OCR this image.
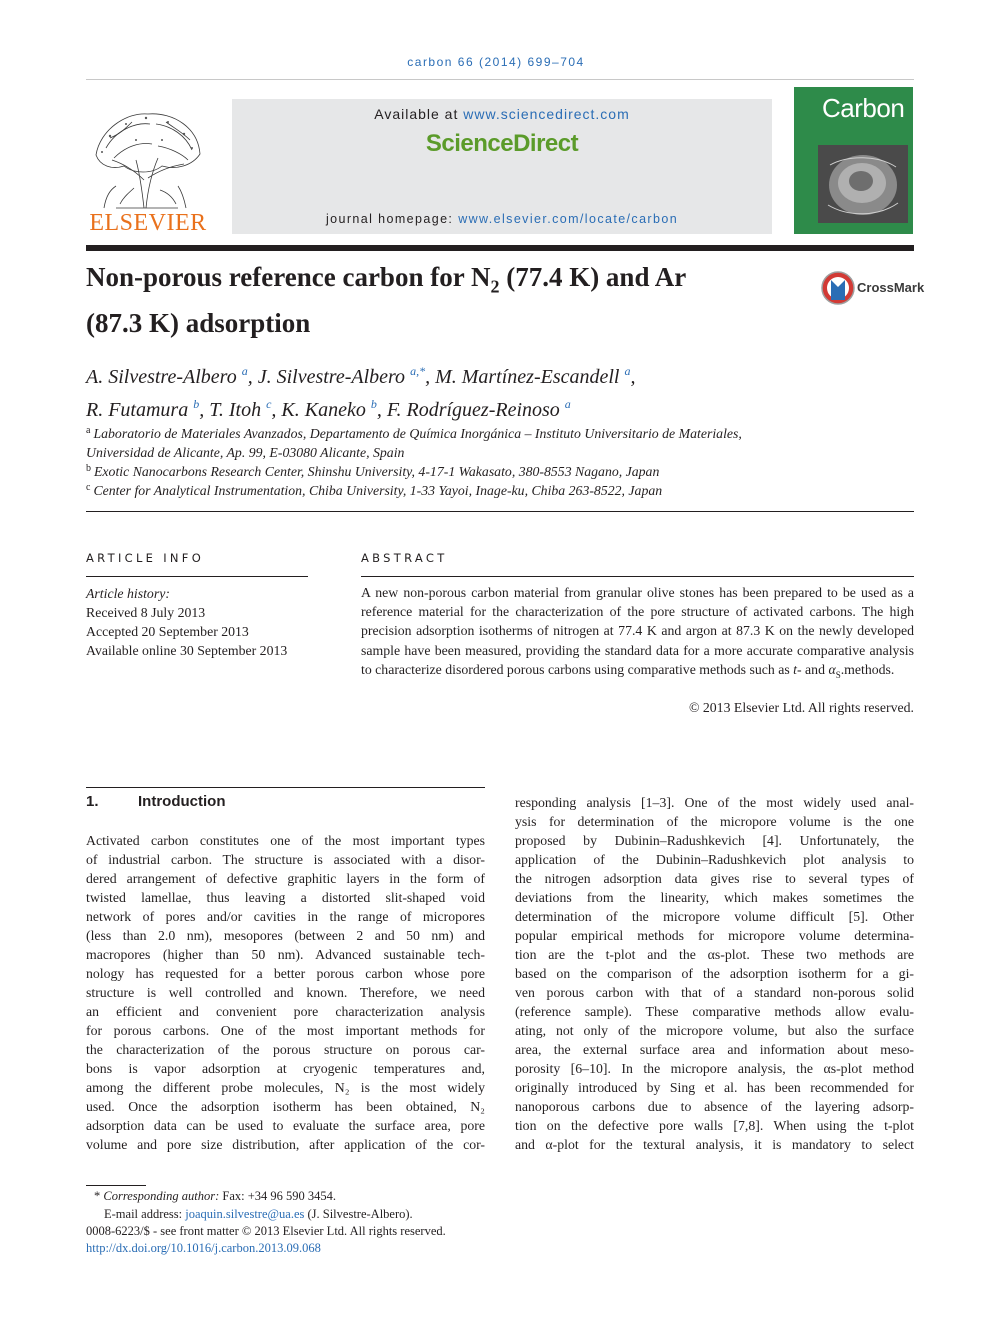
carbon 66 (2014) 699–704
ELSEVIER
Available at www.sciencedirect.com
ScienceDirect
journal homepage: www.elsevier.com/locate/carbon
Carbon
Non-porous reference carbon for $N_2$ (77.4 K) and Ar
(87.3 K) adsorption
CrossMark
A. Silvestre-Albero $^a$, J. Silvestre-Albero $^{a,*}$, M. Martínez-Escandell $^a$,
R. Futamura $^b$, T. Itoh $^c$, K. Kaneko $^b$, F. Rodríguez-Reinoso $^a$
$^a$ Laboratorio de Materiales Avanzados, Departamento de Química Inorgánica – Instituto Universitario de Materiales,
Universidad de Alicante, Ap. 99, E-03080 Alicante, Spain
$^b$ Exotic Nanocarbons Research Center, Shinshu University, 4-17-1 Wakasato, 380-8553 Nagano, Japan
$^c$ Center for Analytical Instrumentation, Chiba University, 1-33 Yayoi, Inage-ku, Chiba 263-8522, Japan
ARTICLE INFO
Article history:
Received 8 July 2013
Accepted 20 September 2013
Available online 30 September 2013
ABSTRACT
A new non-porous carbon material from granular olive stones has been prepared to be used as a reference material for the characterization of the pore structure of activated carbons. The high precision adsorption isotherms of nitrogen at 77.4 K and argon at 87.3 K on the newly developed sample have been measured, providing the standard data for a more accurate comparative analysis to characterize disordered porous carbons using comparative methods such as t- and $\alpha_S.methods$.
© 2013 Elsevier Ltd. All rights reserved.
1.	Introduction
Activated carbon constitutes one of the most important types
of industrial carbon. The structure is associated with a disor-
dered arrangement of defective graphitic layers in the form of
twisted lamellae, thus leaving a distorted slit-shaped void
network of pores and/or cavities in the range of micropores
(less than 2.0 nm), mesopores (between 2 and 50 nm) and
macropores (higher than 50 nm). Advanced sustainable tech-
nology has requested for a better porous carbon whose pore
structure is well controlled and known. Therefore, we need
an efficient and convenient pore characterization analysis
for porous carbons. One of the most important methods for
the characterization of the porous structure on porous car-
bons is vapor adsorption at cryogenic temperatures and,
among the different probe molecules, N₂ is the most widely
used. Once the adsorption isotherm has been obtained, N₂
adsorption data can be used to evaluate the surface area, pore
volume and pore size distribution, after application of the cor-
responding analysis [1–3]. One of the most widely used anal-
ysis for determination of the micropore volume is the one
proposed by Dubinin–Radushkevich [4]. Unfortunately, the
application of the Dubinin–Radushkevich plot analysis to
the nitrogen adsorption data gives rise to several types of
deviations from the linearity, which makes sometimes the
determination of the micropore volume difficult [5]. Other
popular empirical methods for micropore volume determina-
tion are the t-plot and the αs-plot. These two methods are
based on the comparison of the adsorption isotherm for a gi-
ven porous carbon with that of a standard non-porous solid
(reference sample). These comparative methods allow evalu-
ating, not only of the micropore volume, but also the surface
area, the external surface area and information about meso-
porosity [6–10]. In the micropore analysis, the αs-plot method
originally introduced by Sing et al. has been recommended for
nanoporous carbons due to absence of the layering adsorp-
tion on the defective pore walls [7,8]. When using the t-plot
and α-plot for the textural analysis, it is mandatory to select
* Corresponding author: Fax: +34 96 590 3454.
E-mail address: joaquin.silvestre@ua.es (J. Silvestre-Albero).
0008-6223/$ - see front matter © 2013 Elsevier Ltd. All rights reserved.
http://dx.doi.org/10.1016/j.carbon.2013.09.068
